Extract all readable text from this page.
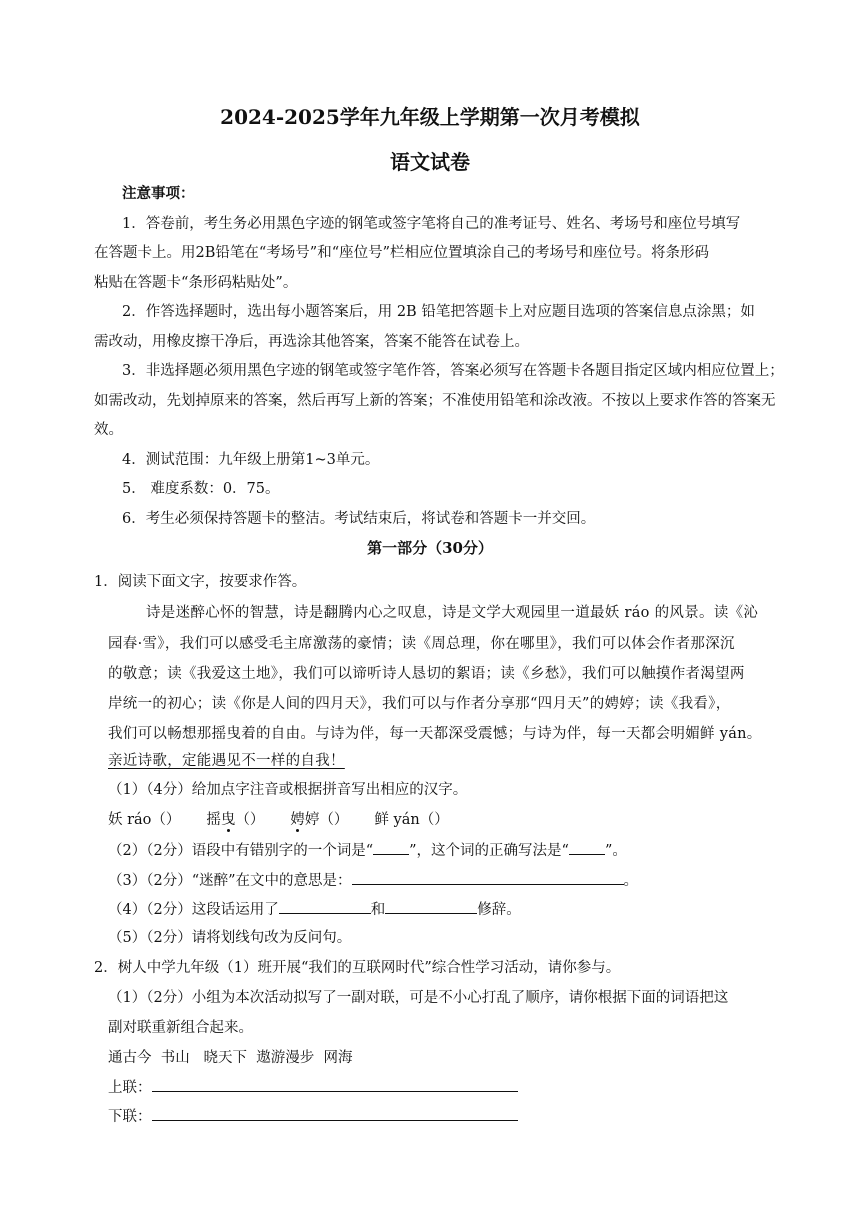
2024-2025学年九年级上学期第一次月考模拟
语文试卷
注意事项：
1．答卷前，考生务必用黑色字迹的钢笔或签字笔将自己的准考证号、姓名、考场号和座位号填写
在答题卡上。用2B铅笔在“考场号”和“座位号”栏相应位置填涂自己的考场号和座位号。将条形码
粘贴在答题卡“条形码粘贴处”。
2．作答选择题时，选出每小题答案后，用 2B 铅笔把答题卡上对应题目选项的答案信息点涂黑；如
需改动，用橡皮擦干净后，再选涂其他答案，答案不能答在试卷上。
3．非选择题必须用黑色字迹的钢笔或签字笔作答，答案必须写在答题卡各题目指定区域内相应位置上；
如需改动，先划掉原来的答案，然后再写上新的答案；不准使用铅笔和涂改液。不按以上要求作答的答案无
效。
4．测试范围：九年级上册第1~3单元。
5． 难度系数：0．75。
6．考生必须保持答题卡的整洁。考试结束后，将试卷和答题卡一并交回。
第一部分（30分）
1．阅读下面文字，按要求作答。
诗是迷醉心怀的智慧，诗是翻腾内心之叹息，诗是文学大观园里一道最妖 ráo 的风景。读《沁
园春·雪》，我们可以感受毛主席激荡的豪情；读《周总理，你在哪里》，我们可以体会作者那深沉
的敬意；读《我爱这土地》，我们可以谛听诗人恳切的絮语；读《乡愁》，我们可以触摸作者渴望两
岸统一的初心；读《你是人间的四月天》，我们可以与作者分享那“四月天”的娉婷；读《我看》，
我们可以畅想那摇曳着的自由。与诗为伴，每一天都深受震憾；与诗为伴，每一天都会明媚鲜 yán。
亲近诗歌，定能遇见不一样的自我！
（1）（4分）给加点字注音或根据拼音写出相应的汉字。
妖 ráo（） 摇曳（） 娉婷（） 鲜 yán（）
（2）（2分）语段中有错别字的一个词是“ ”，这个词的正确写法是“ ”。
（3）（2分）“迷醉”在文中的意思是：	。
（4）（2分）这段话运用了	和	修辞。
（5）（2分）请将划线句改为反问句。
2．树人中学九年级（1）班开展“我们的互联网时代”综合性学习活动，请你参与。
（1）（2分）小组为本次活动拟写了一副对联，可是不小心打乱了顺序，请你根据下面的词语把这
副对联重新组合起来。
通古今  书山   晓天下  遨游漫步  网海
上联：
下联：
